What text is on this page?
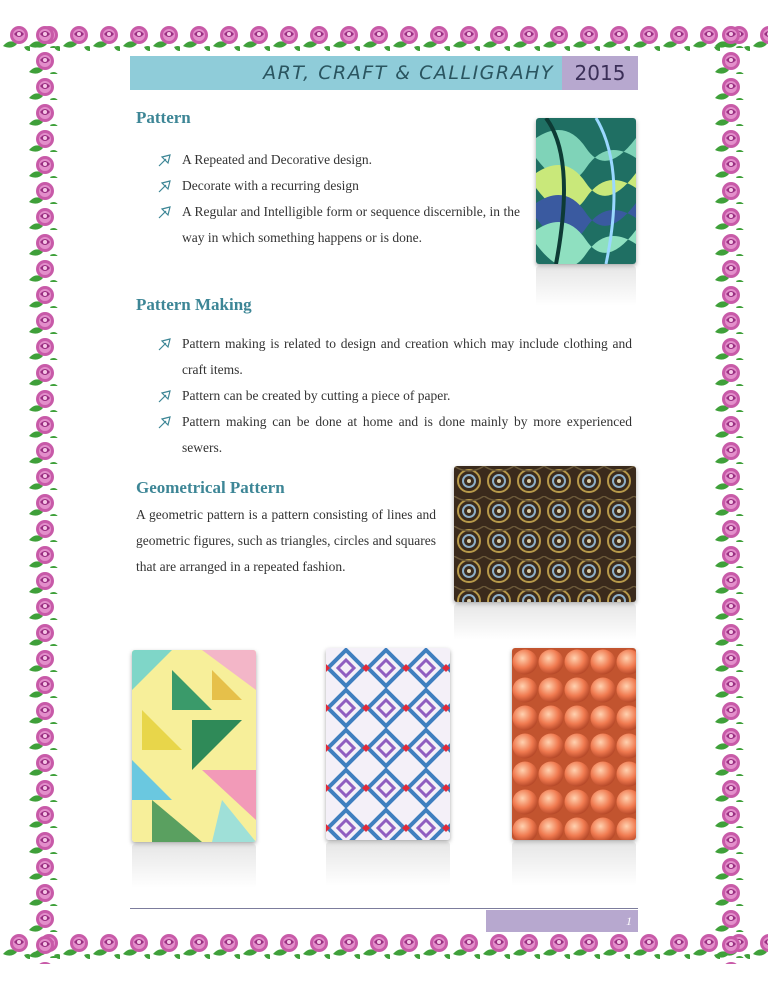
ART, CRAFT & CALLIGRAHY	2015
Pattern
A Repeated and Decorative design.
Decorate with a recurring design
A Regular and Intelligible form or sequence discernible, in the way in which something happens or is done.
Pattern Making
Pattern making is related to design and creation which may include clothing and craft items.
Pattern can be created by cutting a piece of paper.
Pattern making can be done at home and is done mainly by more experienced sewers.
Geometrical Pattern

A geometric pattern is a pattern consisting of lines and geometric figures, such as triangles, circles and squares that are arranged in a repeated fashion.

1
